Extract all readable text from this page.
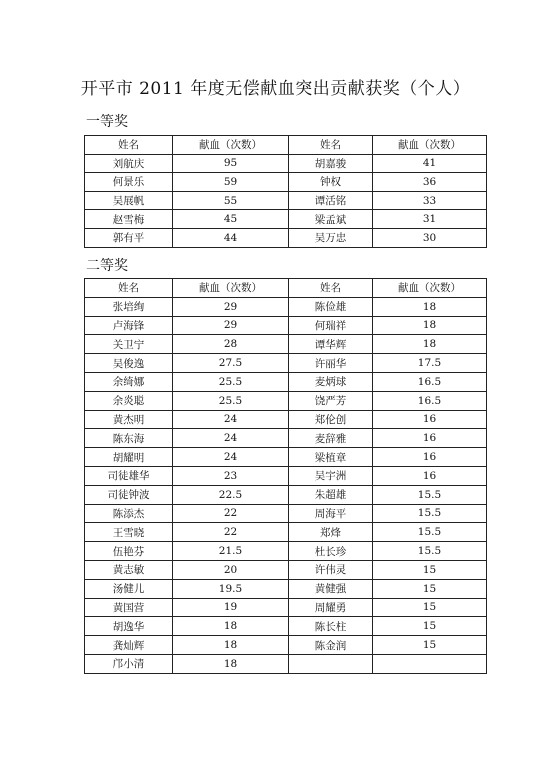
开平市 2011 年度无偿献血突出贡献获奖（个人）
一等奖
姓名	献血（次数）	姓名	献血（次数）
刘航庆	95	胡嘉骏	41
何景乐	59	钟权	36
吴展帆	55	谭活铭	33
赵雪梅	45	梁孟斌	31
郭有平	44	吴万忠	30
二等奖
姓名	献血（次数）	姓名	献血（次数）
张培绚	29	陈俭雄	18
卢海锋	29	何瑞祥	18
关卫宁	28	谭华辉	18
吴俊逸	27.5	许丽华	17.5
余绮娜	25.5	麦炳球	16.5
余炎聪	25.5	饶严芳	16.5
黄杰明	24	郑伦创	16
陈东海	24	麦辞雅	16
胡耀明	24	梁植章	16
司徒雄华	23	吴宇洲	16
司徒钟波	22.5	朱超雄	15.5
陈添杰	22	周海平	15.5
王雪晓	22	郑烽	15.5
伍艳芬	21.5	杜长珍	15.5
黄志敏	20	许伟灵	15
汤健儿	19.5	黄健强	15
黄国营	19	周耀勇	15
胡逸华	18	陈长柱	15
龚灿辉	18	陈金润	15
邝小清	18		
